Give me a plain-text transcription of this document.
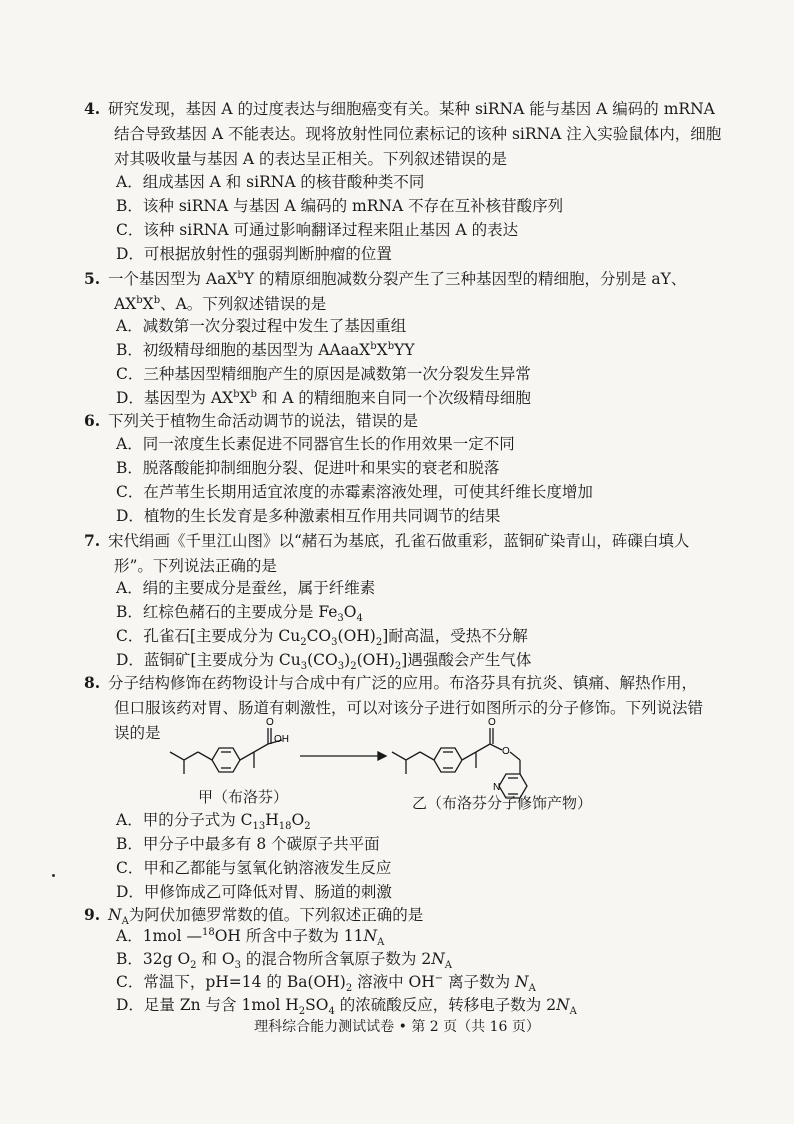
4. 研究发现，基因 A 的过度表达与细胞癌变有关。某种 siRNA 能与基因 A 编码的 mRNA
结合导致基因 A 不能表达。现将放射性同位素标记的该种 siRNA 注入实验鼠体内，细胞
对其吸收量与基因 A 的表达呈正相关。下列叙述错误的是
A．组成基因 A 和 siRNA 的核苷酸种类不同
B．该种 siRNA 与基因 A 编码的 mRNA 不存在互补核苷酸序列
C．该种 siRNA 可通过影响翻译过程来阻止基因 A 的表达
D．可根据放射性的强弱判断肿瘤的位置
5. 一个基因型为 AaX$^b$Y 的精原细胞减数分裂产生了三种基因型的精细胞，分别是 aY、
$AX^bX^b$、A。下列叙述错误的是
A．减数第一次分裂过程中发生了基因重组
B．初级精母细胞的基因型为 $AAaaX^bX^bYY$
C．三种基因型精细胞产生的原因是减数第一次分裂发生异常
D．基因型为 $AX^bX^b$ 和 A 的精细胞来自同一个次级精母细胞
6. 下列关于植物生命活动调节的说法，错误的是
A．同一浓度生长素促进不同器官生长的作用效果一定不同
B．脱落酸能抑制细胞分裂、促进叶和果实的衰老和脱落
C．在芦苇生长期用适宜浓度的赤霉素溶液处理，可使其纤维长度增加
D．植物的生长发育是多种激素相互作用共同调节的结果
7. 宋代绢画《千里江山图》以“赭石为基底，孔雀石做重彩，蓝铜矿染青山，砗磲白填人
形”。下列说法正确的是
A．绢的主要成分是蚕丝，属于纤维素
B．红棕色赭石的主要成分是 $Fe_3O_4$
C．孔雀石[主要成分为 $Cu_2CO_3(OH)_2$]耐高温，受热不分解
D．蓝铜矿[主要成分为 $Cu_3(CO_3)_2(OH)_2$]遇强酸会产生气体
8. 分子结构修饰在药物设计与合成中有广泛的应用。布洛芬具有抗炎、镇痛、解热作用，
但口服该药对胃、肠道有刺激性，可以对该分子进行如图所示的分子修饰。下列说法错
误的是	OH
O	O
O
N
甲（布洛芬）	乙（布洛芬分子修饰产物）
A．甲的分子式为 $C_{13}H_{18}O_2$
B．甲分子中最多有 8 个碳原子共平面
C．甲和乙都能与氢氧化钠溶液发生反应
D．甲修饰成乙可降低对胃、肠道的刺激
9. $N_A$为阿伏加德罗常数的值。下列叙述正确的是
A．1mol —$^{18}$OH 所含中子数为 $11N_A$
B．32g $O_2$ 和 $O_3$ 的混合物所含氧原子数为 $2N_A$
C．常温下，pH=14 的 $Ba(OH)_2$ 溶液中 OH− 离子数为 $N_A$
D．足量 Zn 与含 1mol $H_2SO_4$ 的浓硫酸反应，转移电子数为 $2N_A$
理科综合能力测试试卷 • 第 2 页（共 16 页）
